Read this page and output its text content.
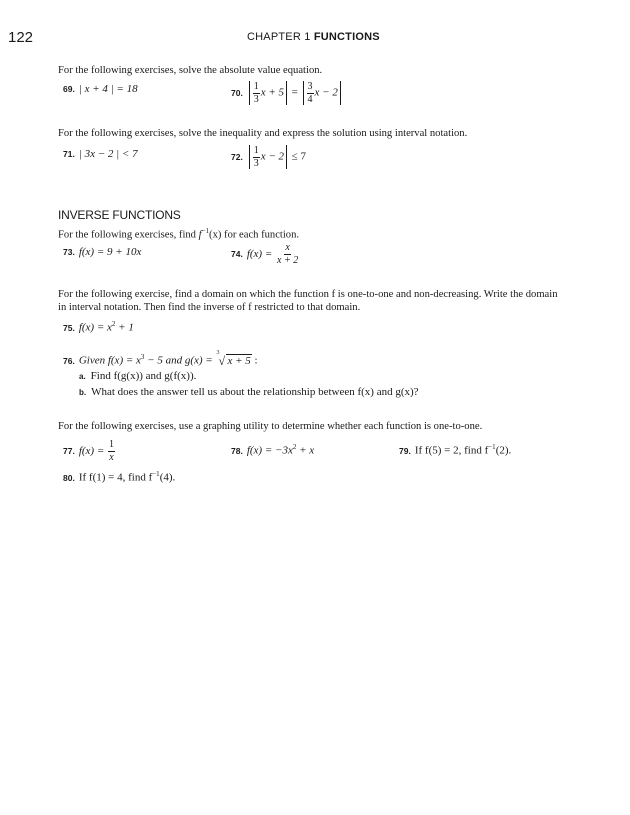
122	CHAPTER 1 FUNCTIONS
For the following exercises, solve the absolute value equation.
69. | x + 4 | = 18	70. $\frac{1}{3}$ $x + 5 = \frac{3}{4}$ x − 2
For the following exercises, solve the inequality and express the solution using interval notation.
71. | 3x − 2 | < 7	72. $\frac{1}{3}$ x − 2 ≤ 7
INVERSE FUNCTIONS
For the following exercises, find $f^{-1}(x)$ for each function.
73. f(x) = 9 + 10x	74. $f(x) = \frac{x}{x + 2}$
For the following exercise, find a domain on which the function f is one-to-one and non-decreasing. Write the domain
in interval notation. Then find the inverse of f restricted to that domain.
75. $f(x) = x^2 + 1$
76. Given $f(x) = x^3 - 5$ and g(x) =
3
√ x + 5 :
a. Find f(g(x)) and g(f(x)).
b. What does the answer tell us about the relationship between f(x) and g(x)?
For the following exercises, use a graphing utility to determine whether each function is one-to-one.
77. $f(x) = \frac{1}{x}$	78. $f(x) = -3x^2 + x$	79. If f(5) = 2, find $f^{-1}(2)$.
80. If f(1) = 4, find $f^{-1}(4)$.
